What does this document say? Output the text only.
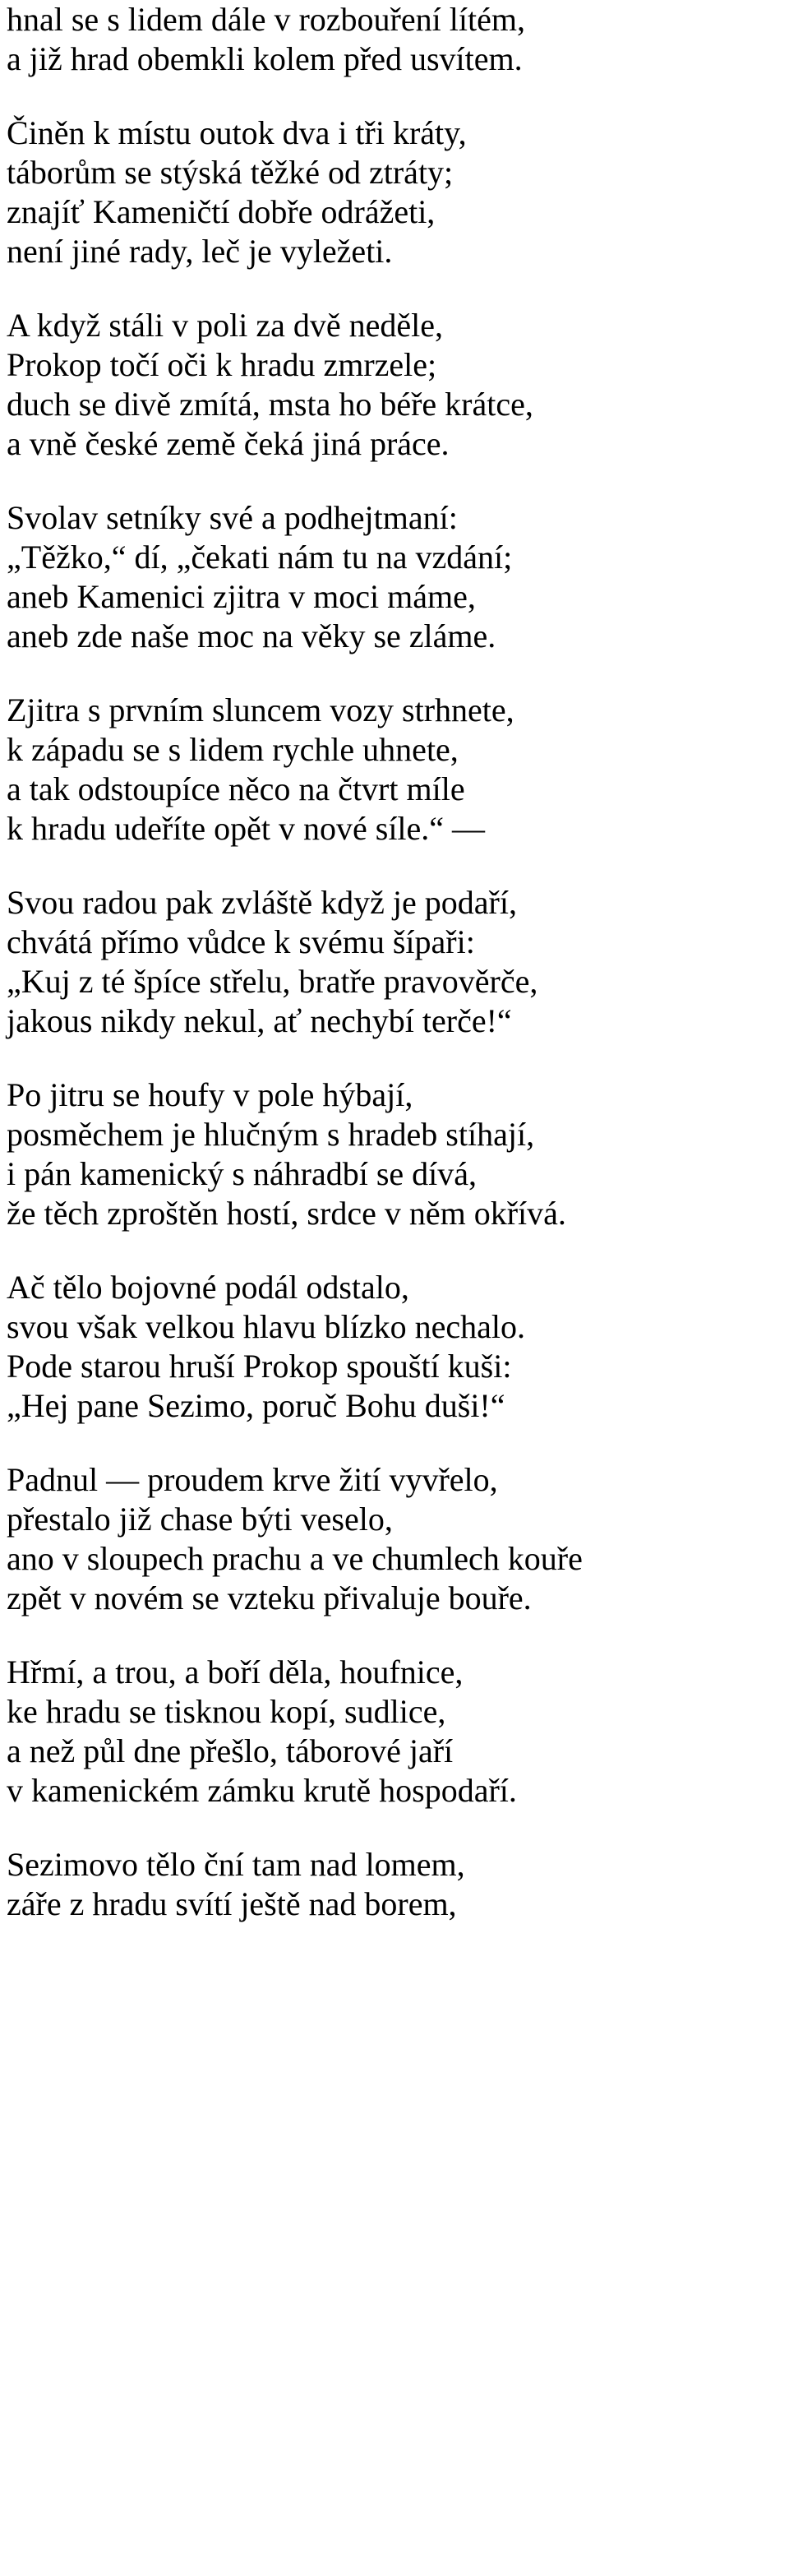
hnal se s lidem dále v rozbouření lítém,
a již hrad obemkli kolem před usvítem.
Činěn k místu outok dva i tři kráty,
táborům se stýská těžké od ztráty;
znajíť Kameničtí dobře odrážeti,
není jiné rady, leč je vyležeti.
A když stáli v poli za dvě neděle,
Prokop točí oči k hradu zmrzele;
duch se divě zmítá, msta ho béře krátce,
a vně české země čeká jiná práce.
Svolav setníky své a podhejtmaní:
„Těžko,“ dí, „čekati nám tu na vzdání;
aneb Kamenici zjitra v moci máme,
aneb zde naše moc na věky se zláme.
Zjitra s prvním sluncem vozy strhnete,
k západu se s lidem rychle uhnete,
a tak odstoupíce něco na čtvrt míle
k hradu udeříte opět v nové síle.“ —
Svou radou pak zvláště když je podaří,
chvátá přímo vůdce k svému šípaři:
„Kuj z té špíce střelu, bratře pravověrče,
jakous nikdy nekul, ať nechybí terče!“
Po jitru se houfy v pole hýbají,
posměchem je hlučným s hradeb stíhají,
i pán kamenický s náhradbí se dívá,
že těch zproštěn hostí, srdce v něm okřívá.
Ač tělo bojovné podál odstalo,
svou však velkou hlavu blízko nechalo.
Pode starou hruší Prokop spouští kuši:
„Hej pane Sezimo, poruč Bohu duši!“
Padnul — proudem krve žití vyvřelo,
přestalo již chase býti veselo,
ano v sloupech prachu a ve chumlech kouře
zpět v novém se vzteku přivaluje bouře.
Hřmí, a trou, a boří děla, houfnice,
ke hradu se tisknou kopí, sudlice,
a než půl dne přešlo, táborové jaří
v kamenickém zámku krutě hospodaří.
Sezimovo tělo ční tam nad lomem,
záře z hradu svítí ještě nad borem,
